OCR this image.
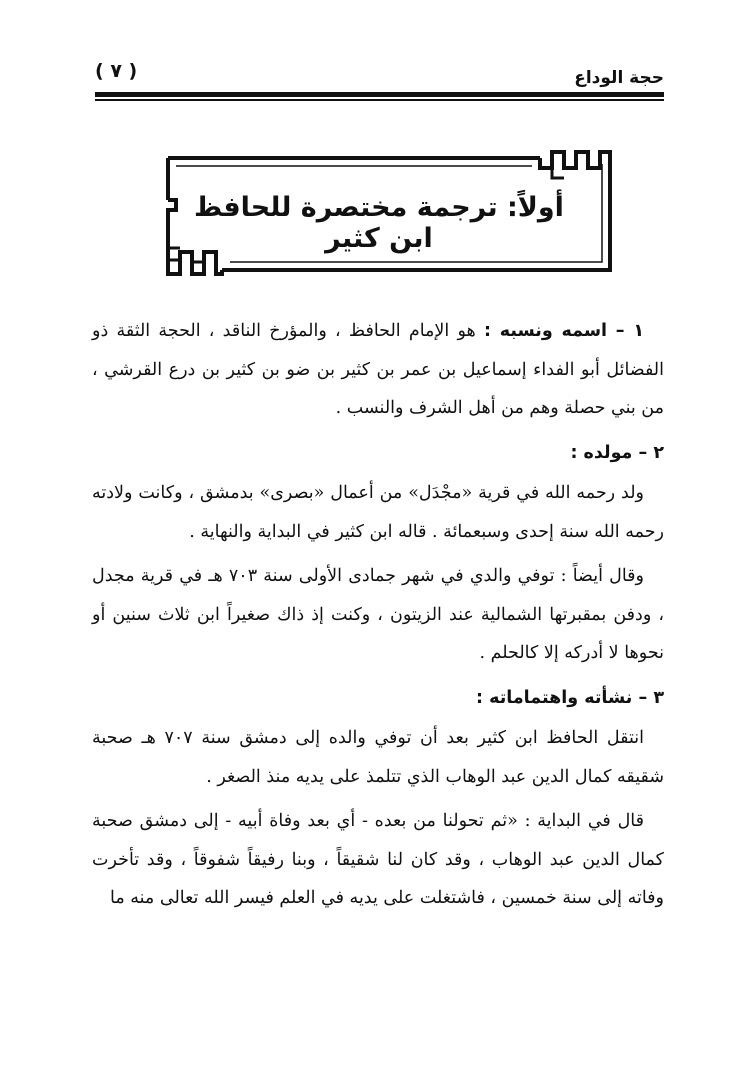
حجة الوداع
( ٧ )
أولاً: ترجمة مختصرة للحافظ ابن كثير

١ – اسمه ونسبه : هو الإمام الحافظ ، والمؤرخ الناقد ، الحجة الثقة ذو الفضائل أبو الفداء إسماعيل بن عمر بن كثير بن ضو بن كثير بن درع القرشي ، من بني حصلة وهم من أهل الشرف والنسب .

٢ – مولده :

ولد رحمه الله في قرية «مجْدَل» من أعمال «بصرى» بدمشق ، وكانت ولادته رحمه الله سنة إحدى وسبعمائة . قاله ابن كثير في البداية والنهاية .

وقال أيضاً : توفي والدي في شهر جمادى الأولى سنة ٧٠٣ هـ في قرية مجدل ، ودفن بمقبرتها الشمالية عند الزيتون ، وكنت إذ ذاك صغيراً ابن ثلاث سنين أو نحوها لا أدركه إلا كالحلم .

٣ – نشأته واهتماماته :

انتقل الحافظ ابن كثير بعد أن توفي والده إلى دمشق سنة ٧٠٧ هـ صحبة شقيقه كمال الدين عبد الوهاب الذي تتلمذ على يديه منذ الصغر .

قال في البداية : «ثم تحولنا من بعده - أي بعد وفاة أبيه - إلى دمشق صحبة كمال الدين عبد الوهاب ، وقد كان لنا شقيقاً ، وبنا رفيقاً شفوقاً ، وقد تأخرت وفاته إلى سنة خمسين ، فاشتغلت على يديه في العلم فيسر الله تعالى منه ما
